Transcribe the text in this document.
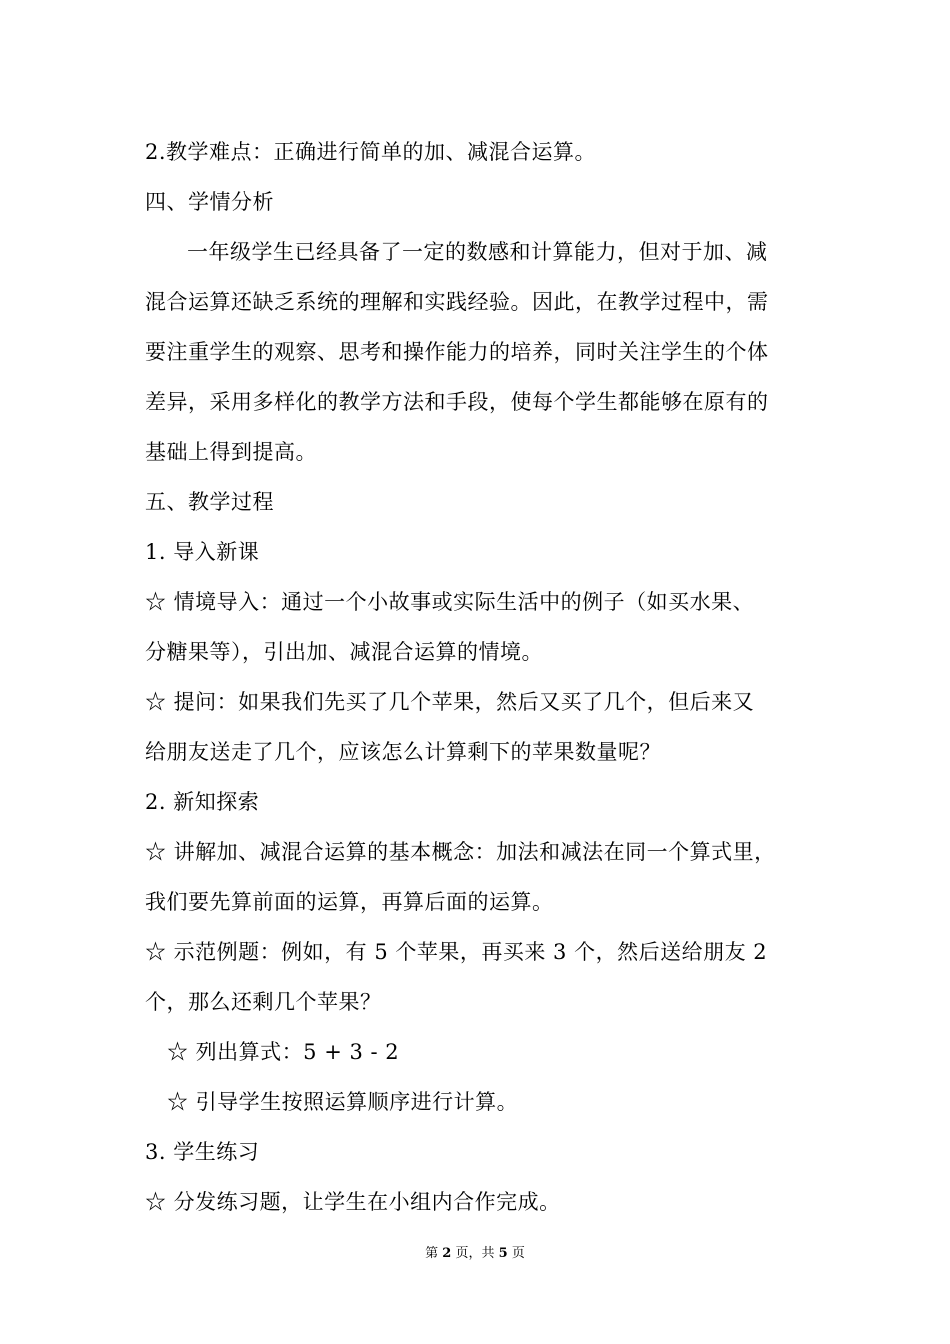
2.教学难点：正确进行简单的加、减混合运算。
四、学情分析
一年级学生已经具备了一定的数感和计算能力，但对于加、减
混合运算还缺乏系统的理解和实践经验。因此，在教学过程中，需
要注重学生的观察、思考和操作能力的培养，同时关注学生的个体
差异，采用多样化的教学方法和手段，使每个学生都能够在原有的
基础上得到提高。
五、教学过程
1. 导入新课
☆ 情境导入：通过一个小故事或实际生活中的例子（如买水果、
分糖果等），引出加、减混合运算的情境。
☆ 提问：如果我们先买了几个苹果，然后又买了几个，但后来又
给朋友送走了几个，应该怎么计算剩下的苹果数量呢？
2. 新知探索
☆ 讲解加、减混合运算的基本概念：加法和减法在同一个算式里，
我们要先算前面的运算，再算后面的运算。
☆ 示范例题：例如，有 5 个苹果，再买来 3 个，然后送给朋友 2
个，那么还剩几个苹果？
☆ 列出算式：5 + 3 - 2
☆ 引导学生按照运算顺序进行计算。
3. 学生练习
☆ 分发练习题，让学生在小组内合作完成。
第 2 页，共 5 页
